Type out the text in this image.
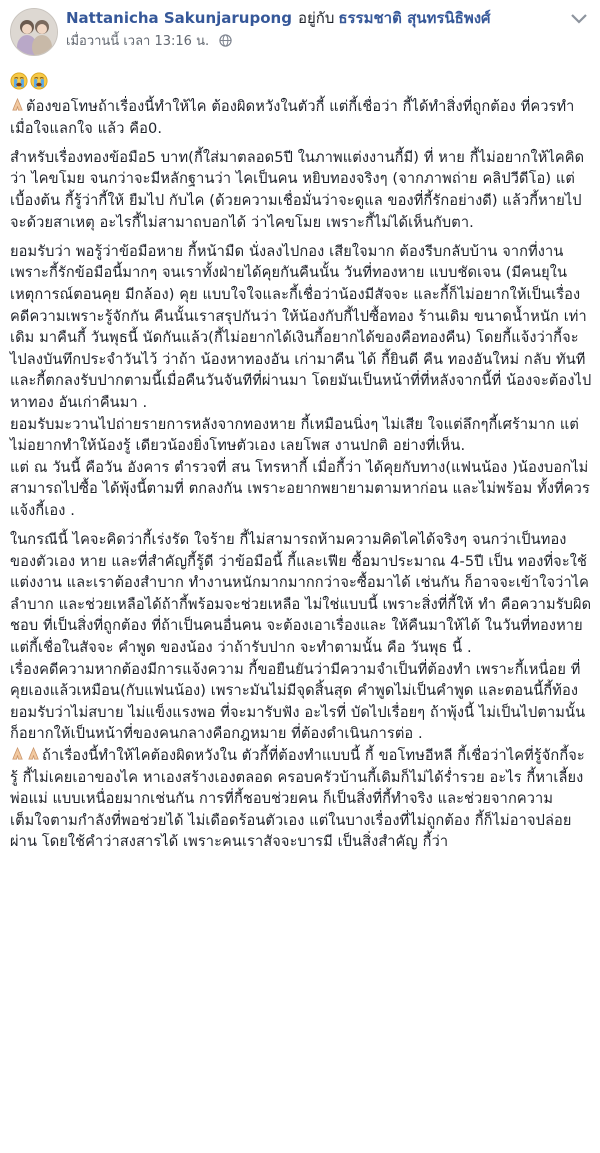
Nattanicha Sakunjarupong อยู่กับ ธรรมชาติ สุนทรนิธิพงศ์
เมื่อวานนี้ เวลา 13:16 น.

ต้องขอโทษถ้าเรื่องนี้ทำให้ไค ต้องผิดหวังในตัวกี้ แต่กี้เชื่อว่า กี้ได้ทำสิ่งที่ถูกต้อง ที่ควรทำ เมื่อใจแลกใจ แล้ว คือ0.

สำหรับเรื่องทองข้อมือ5 บาท(กี้ใส่มาตลอด5ปี ในภาพแต่งงานกี้มี) ที่ หาย กี้ไม่อยากให้ไคคิดว่า ไคขโมย จนกว่าจะมีหลักฐานว่า ไคเป็นคน หยิบทองจริงๆ (จากภาพถ่าย คลิปวีดีโอ) แต่เบื้องต้น กี้รู้ว่ากี้ให้ ยืมไป กับไค (ด้วยความเชื่อมั่นว่าจะดูแล ของที่กี้รักอย่างดี) แล้วกี้หายไป จะด้วยสาเหตุ อะไรกี้ไม่สามาถบอกได้ ว่าไคขโมย เพราะกี้ไม่ได้เห็นกับตา.

ยอมรับว่า พอรู้ว่าข้อมือหาย กี้หน้ามืด นั่งลงไปกอง เสียใจมาก ต้องรีบกลับบ้าน จากที่งาน เพราะกี้รักข้อมือนี้มากๆ จนเราทั้งฝ่ายได้คุยกันคืนนั้น วันที่ทองหาย แบบชัดเจน (มีคนยุในเหตุการณ์ตอนคุย มีกล้อง) คุย แบบใจใจและกี้เชื่อว่าน้องมีสัจจะ และกี้ก็ไม่อยากให้เป็นเรื่องคดีความเพราะรู้จักกัน คืนนั้นเราสรุปกันว่า ให้น้องกับกี้ไปซื้อทอง ร้านเดิม ขนาดน้ำหนัก เท่าเดิม มาคืนกี้ วันพุธนี้ นัดกันแล้ว(กี้ไม่อยากได้เงินกี้อยากได้ของคือทองคืน) โดยกี้แจ้งว่ากี้จะไปลงบันทึกประจำวันไว้ ว่าถ้า น้องหาทองอัน เก่ามาคืน ได้ กี้ยินดี คืน ทองอันใหม่ กลับ ทันที และกี้ตกลงรับปากตามนี้เมื่อคืนวันจันทีที่ผ่านมา โดยมันเป็นหน้าที่ที่หลังจากนี้ที่ น้องจะต้องไปหาทอง อันเก่าคืนมา .

ยอมรับมะวานไปถ่ายรายการหลังจากทองหาย กี้เหมือนนิ่งๆ ไม่เสีย ใจแต่ลึกๆกี้เศร้ามาก แต่ไม่อยากทำให้น้องรู้ เดียวน้องยิ่งโทษตัวเอง เลยโพส งานปกติ อย่างที่เห็น.

แต่ ณ วันนี้ คือวัน อังคาร ตำรวจที่ สน โทรหากี้ เมื่อกี้ว่า ได้คุยกับทาง(แฟนน้อง )น้องบอกไม่สามารถไปซื้อ ได้พุ้งนี้ตามที่ ตกลงกัน เพราะอยากพยายามตามหาก่อน และไม่พร้อม ทั้งที่ควรแจ้งกี้เอง .

ในกรณีนี้ ไคจะคิดว่ากี้เร่งรัด ใจร้าย กี้ไม่สามารถห้ามความคิดไคได้จริงๆ จนกว่าเป็นทอง ของตัวเอง หาย และที่สำคัญกี้รู้ดี ว่าข้อมือนี้ กี้และเฟีย ซื้อมาประมาณ 4-5ปี เป็น ทองที่จะใช้แต่งงาน และเราต้องสำบาก ทำงานหนักมากมากกว่าจะซื้อมาได้ เช่นกัน ก็อาจจะเข้าใจว่าไคลำบาก และช่วยเหลือได้ถ้ากี้พร้อมจะช่วยเหลือ ไม่ใช่แบบนี้ เพราะสิ่งที่กี้ให้ ทำ คือความรับผิดชอบ ที่เป็นสิ่งที่ถูกต้อง ที่ถ้าเป็นคนอื่นคน จะต้องเอาเรื่องและ ให้คืนมาให้ได้ ในวันที่ทองหาย แต่กี้เชื่อในสัจจะ คำพูด ของน้อง ว่าถ้ารับปาก จะทำตามนั้น คือ วันพุธ นี้ .

เรื่องคดีความหากต้องมีการแจ้งความ กี้ขอยืนยันว่ามีความจำเป็นที่ต้องทำ เพราะกี้เหนื่อย ที่คุยเองแล้วเหมือน(กับแฟนน้อง) เพราะมันไม่มีจุดสิ้นสุด คำพูดไม่เป็นคำพูด และตอนนี้กี้ท้องยอมรับว่าไม่สบาย ไม่แข็งแรงพอ ที่จะมารับฟัง อะไรที่ บัดไปเรื่อยๆ ถ้าพุ้งนี้ ไม่เป็นไปตามนั้น ก็อยากให้เป็นหน้าที่ของคนกลางคือกฎหมาย ที่ต้องดำเนินการต่อ .

ถ้าเรื่องนี้ทำให้ไคต้องผิดหวังใน ตัวกี้ที่ต้องทำแบบนี้ กี้ ขอโทษอีหลี กี้เชื่อว่าไคที่รู้จักกี้จะรู้ กี้ไม่เคยเอาของไค หาเองสร้างเองตลอด ครอบครัวบ้านกี้เดิมก็ไม่ได้ร่ำรวย อะไร กี้หาเลี้ยงพ่อแม่ แบบเหนื่อยมากเช่นกัน การที่กี้ชอบช่วยคน ก็เป็นสิ่งที่กี้ทำจริง และช่วยจากความเต็มใจตามกำลังที่พอช่วยได้ ไม่เดือดร้อนตัวเอง แต่ในบางเรื่องที่ไม่ถูกต้อง กี้ก็ไม่อาจปล่อยผ่าน โดยใช้คำว่าสงสารได้ เพราะคนเราสัจจะบารมี เป็นสิ่งสำคัญ กี้ว่า
